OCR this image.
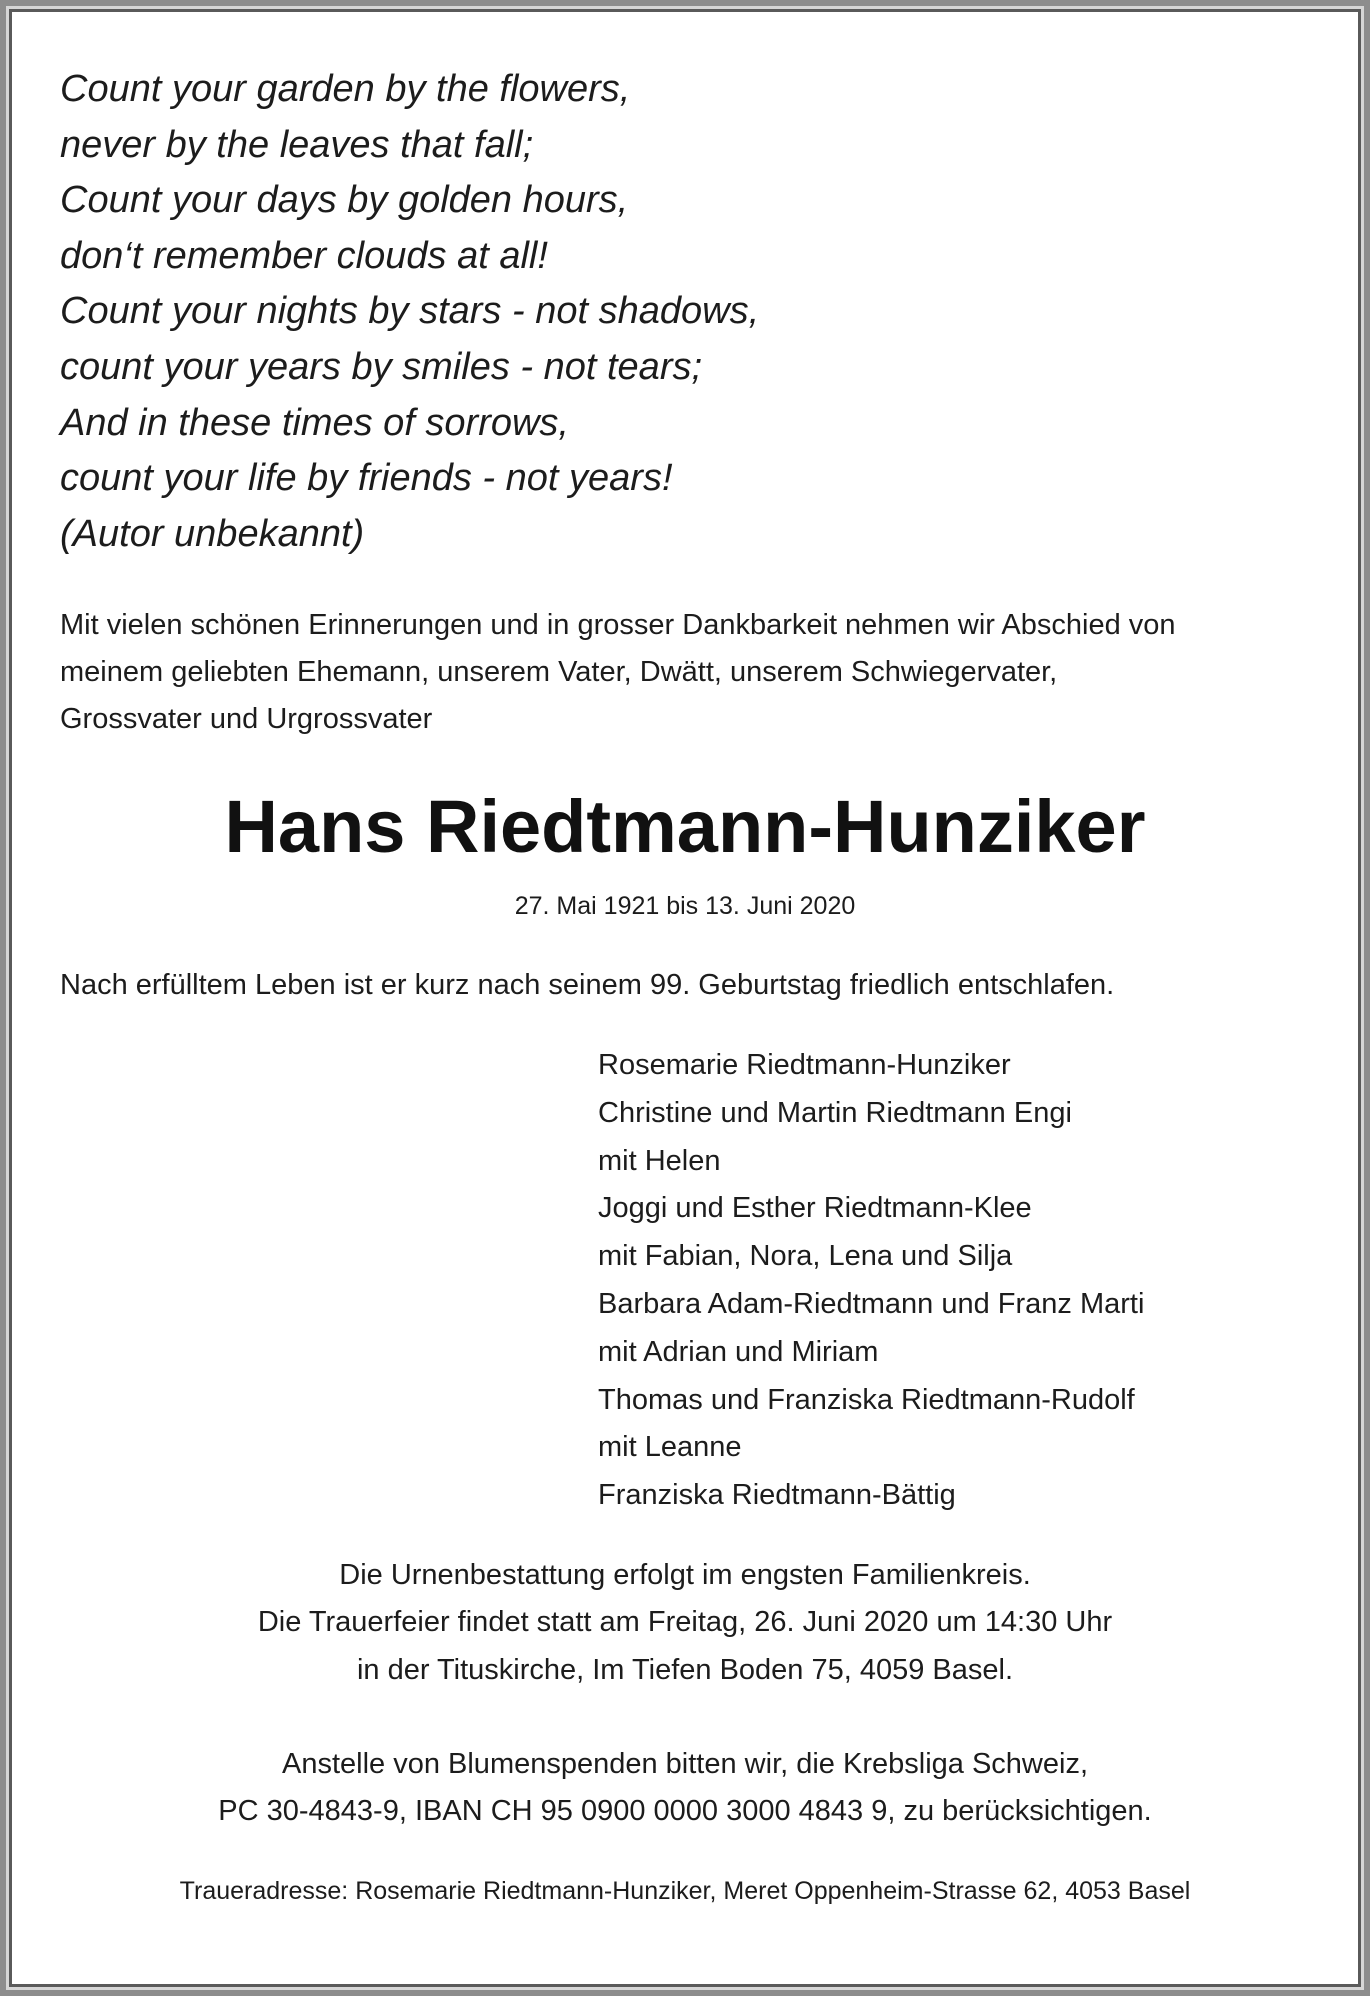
Count your garden by the flowers,
never by the leaves that fall;
Count your days by golden hours,
don‘t remember clouds at all!
Count your nights by stars - not shadows,
count your years by smiles - not tears;
And in these times of sorrows,
count your life by friends - not years!
(Autor unbekannt)
Mit vielen schönen Erinnerungen und in grosser Dankbarkeit nehmen wir Abschied von
meinem geliebten Ehemann, unserem Vater, Dwätt, unserem Schwiegervater,
Grossvater und Urgrossvater
Hans Riedtmann-Hunziker
27. Mai 1921 bis 13. Juni 2020
Nach erfülltem Leben ist er kurz nach seinem 99. Geburtstag friedlich entschlafen.
Rosemarie Riedtmann-Hunziker
Christine und Martin Riedtmann Engi
mit Helen
Joggi und Esther Riedtmann-Klee
mit Fabian, Nora, Lena und Silja
Barbara Adam-Riedtmann und Franz Marti
mit Adrian und Miriam
Thomas und Franziska Riedtmann-Rudolf
mit Leanne
Franziska Riedtmann-Bättig
Die Urnenbestattung erfolgt im engsten Familienkreis.
Die Trauerfeier findet statt am Freitag, 26. Juni 2020 um 14:30 Uhr
in der Tituskirche, Im Tiefen Boden 75, 4059 Basel.
Anstelle von Blumenspenden bitten wir, die Krebsliga Schweiz,
PC 30-4843-9, IBAN CH 95 0900 0000 3000 4843 9, zu berücksichtigen.
Traueradresse: Rosemarie Riedtmann-Hunziker, Meret Oppenheim-Strasse 62, 4053 Basel
